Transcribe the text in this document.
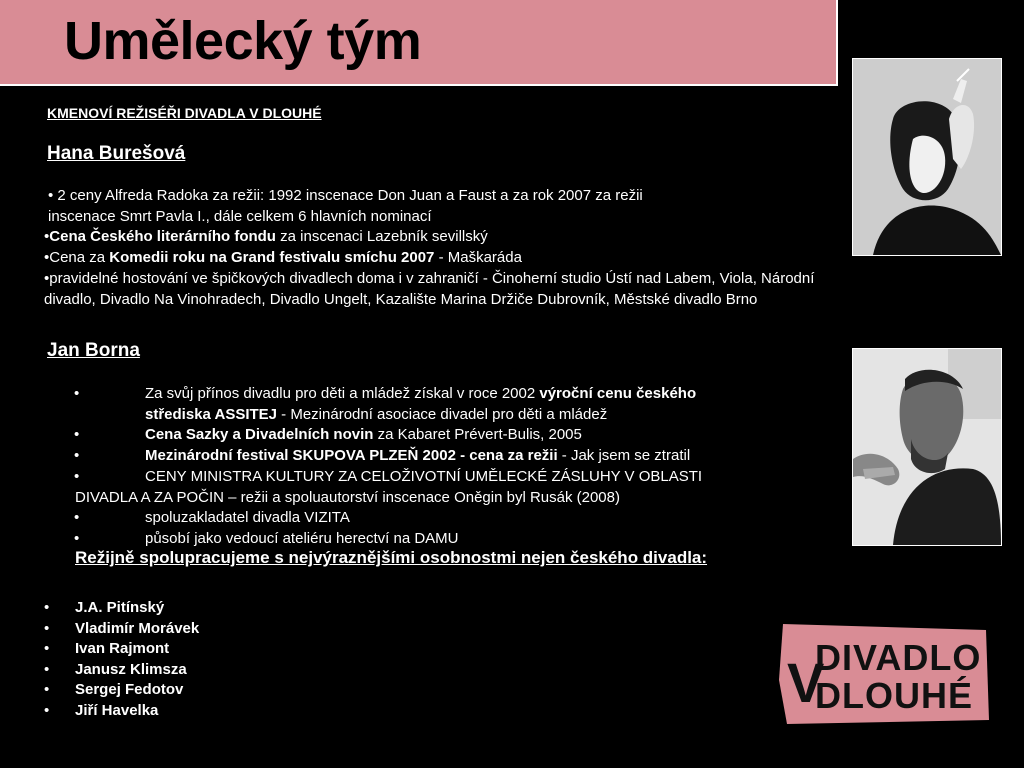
Umělecký tým
KMENOVÍ REŽISÉŘI DIVADLA V DLOUHÉ
Hana Burešová
• 2 ceny Alfreda Radoka za režii: 1992 inscenace Don Juan a Faust a za rok 2007 za režii
inscenace Smrt Pavla I., dále celkem 6 hlavních nominací
•Cena Českého literárního fondu za inscenaci Lazebník sevillský
•Cena za Komedii roku na Grand festivalu smíchu 2007 - Maškaráda
•pravidelné hostování ve špičkových divadlech doma i v zahraničí - Činoherní studio Ústí nad Labem, Viola, Národní
divadlo, Divadlo Na Vinohradech, Divadlo Ungelt, Kazalište Marina Držiče Dubrovník, Městské divadlo Brno
Jan Borna
•	Za svůj přínos divadlu pro děti a mládež získal v roce 2002 výroční cenu českého
střediska ASSITEJ - Mezinárodní asociace divadel pro děti a mládež
•	Cena Sazky a Divadelních novin za Kabaret Prévert-Bulis, 2005
•	Mezinárodní festival SKUPOVA PLZEŇ 2002 - cena za režii - Jak jsem se ztratil
•	CENY MINISTRA KULTURY ZA CELOŽIVOTNÍ UMĚLECKÉ ZÁSLUHY V OBLASTI
DIVADLA A ZA POČIN – režii a spoluautorství inscenace Oněgin byl Rusák (2008)
•	spoluzakladatel divadla VIZITA
•	působí jako vedoucí ateliéru herectví na DAMU
Režijně spolupracujeme s nejvýraznějšími osobnostmi nejen českého divadla:
• J.A. Pitínský
• Vladimír Morávek
• Ivan Rajmont
• Janusz Klimsza
• Sergej Fedotov
• Jiří Havelka
DIVADLO
DLOUHÉ
V
